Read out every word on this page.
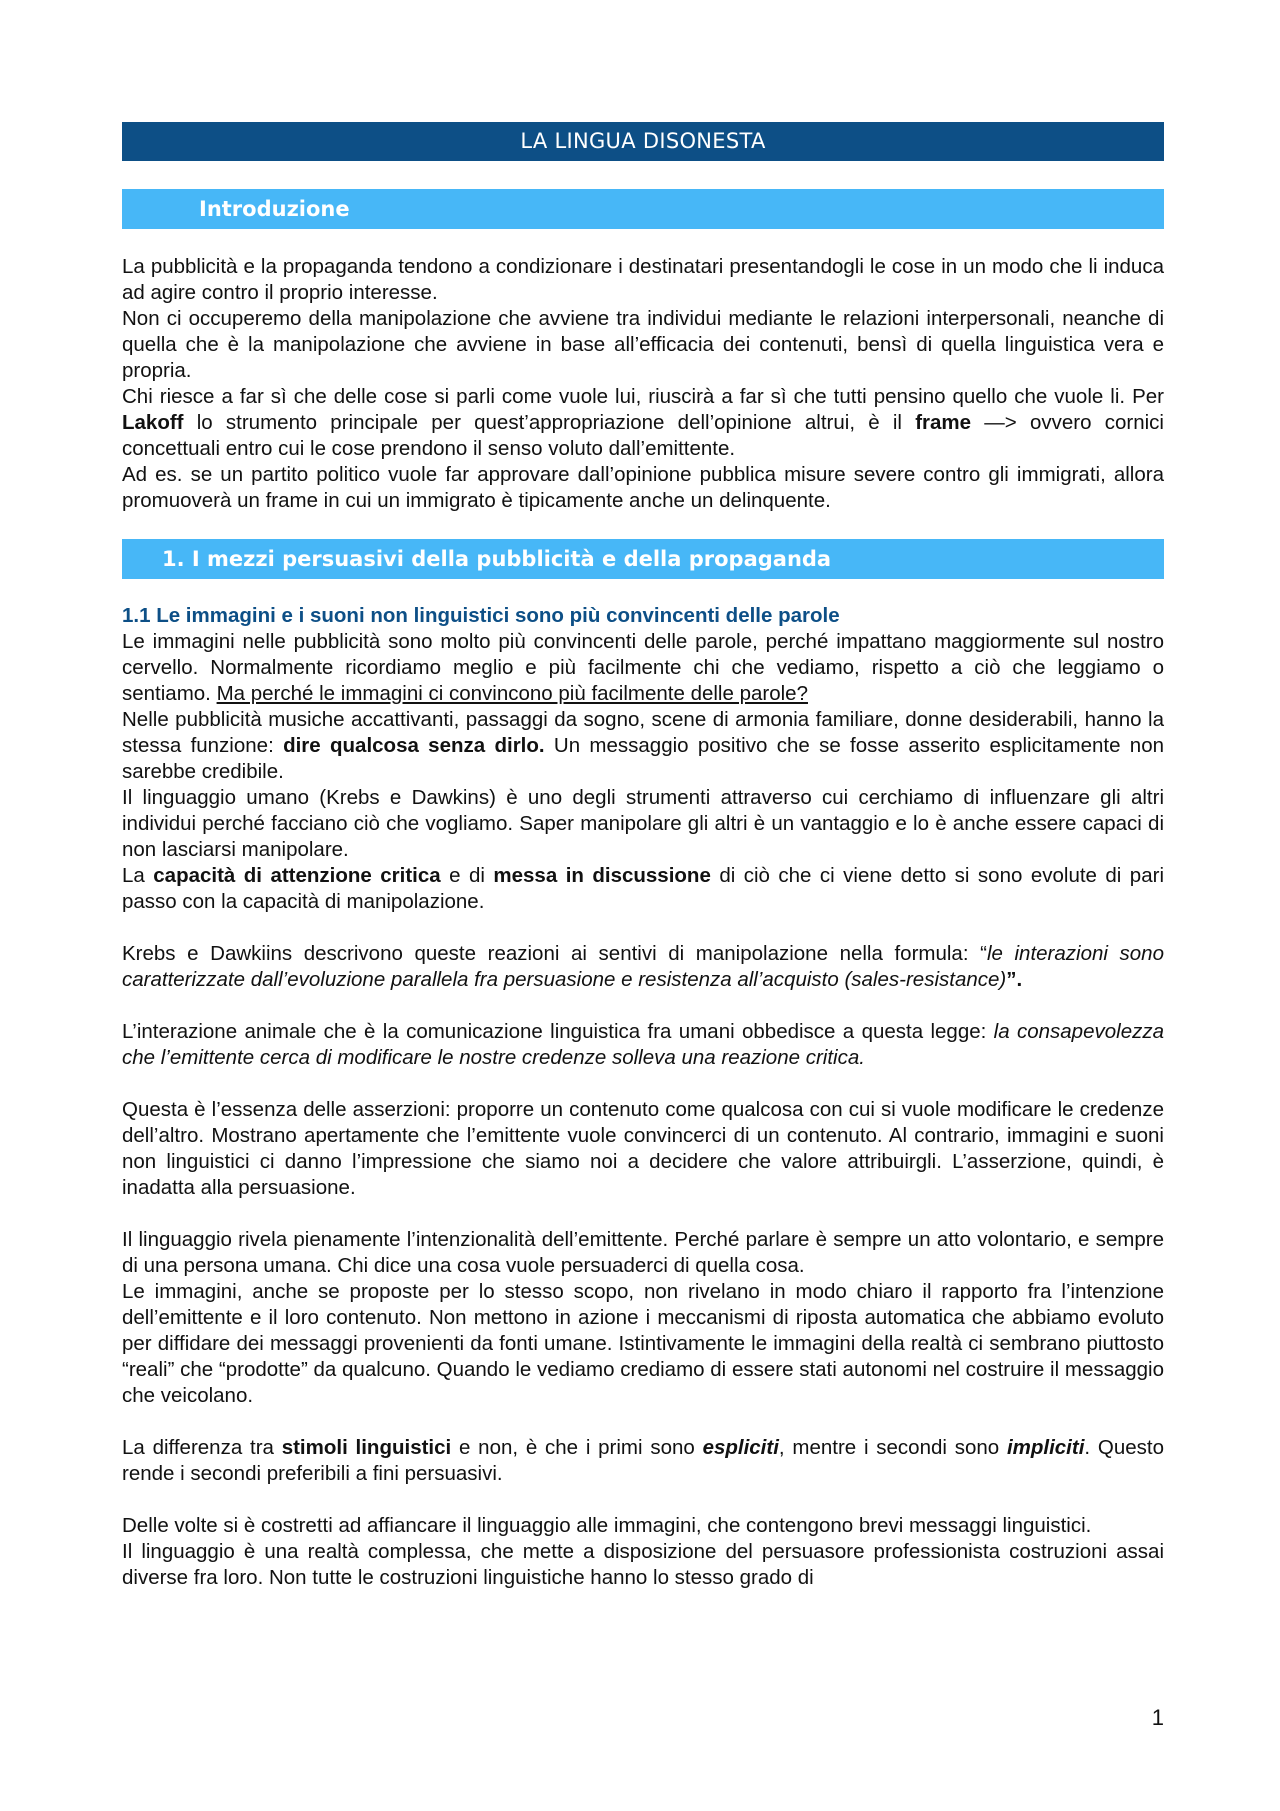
LA LINGUA DISONESTA
Introduzione

La pubblicità e la propaganda tendono a condizionare i destinatari presentandogli le cose in un modo che li induca ad agire contro il proprio interesse.

Non ci occuperemo della manipolazione che avviene tra individui mediante le relazioni interpersonali, neanche di quella che è la manipolazione che avviene in base all’efficacia dei contenuti, bensì di quella linguistica vera e propria.

Chi riesce a far sì che delle cose si parli come vuole lui, riuscirà a far sì che tutti pensino quello che vuole li. Per Lakoff lo strumento principale per quest’appropriazione dell’opinione altrui, è il frame —> ovvero cornici concettuali entro cui le cose prendono il senso voluto dall’emittente.

Ad es. se un partito politico vuole far approvare dall’opinione pubblica misure severe contro gli immigrati, allora promuoverà un frame in cui un immigrato è tipicamente anche un delinquente.

1. I mezzi persuasivi della pubblicità e della propaganda
1.1 Le immagini e i suoni non linguistici sono più convincenti delle parole

Le immagini nelle pubblicità sono molto più convincenti delle parole, perché impattano maggiormente sul nostro cervello. Normalmente ricordiamo meglio e più facilmente chi che vediamo, rispetto a ciò che leggiamo o sentiamo. Ma perché le immagini ci convincono più facilmente delle parole?

Nelle pubblicità musiche accattivanti, passaggi da sogno, scene di armonia familiare, donne desiderabili, hanno la stessa funzione: dire qualcosa senza dirlo. Un messaggio positivo che se fosse asserito esplicitamente non sarebbe credibile.

Il linguaggio umano (Krebs e Dawkins) è uno degli strumenti attraverso cui cerchiamo di influenzare gli altri individui perché facciano ciò che vogliamo. Saper manipolare gli altri è un vantaggio e lo è anche essere capaci di non lasciarsi manipolare.

La capacità di attenzione critica e di messa in discussione di ciò che ci viene detto si sono evolute di pari passo con la capacità di manipolazione.

Krebs e Dawkiins descrivono queste reazioni ai sentivi di manipolazione nella formula: “le interazioni sono caratterizzate dall’evoluzione parallela fra persuasione e resistenza all’acquisto (sales-resistance)”.

L’interazione animale che è la comunicazione linguistica fra umani obbedisce a questa legge: la consapevolezza che l’emittente cerca di modificare le nostre credenze solleva una reazione critica.

Questa è l’essenza delle asserzioni: proporre un contenuto come qualcosa con cui si vuole modificare le credenze dell’altro. Mostrano apertamente che l’emittente vuole convincerci di un contenuto. Al contrario, immagini e suoni non linguistici ci danno l’impressione che siamo noi a decidere che valore attribuirgli. L’asserzione, quindi, è inadatta alla persuasione.

Il linguaggio rivela pienamente l’intenzionalità dell’emittente. Perché parlare è sempre un atto volontario, e sempre di una persona umana. Chi dice una cosa vuole persuaderci di quella cosa.

Le immagini, anche se proposte per lo stesso scopo, non rivelano in modo chiaro il rapporto fra l’intenzione dell’emittente e il loro contenuto. Non mettono in azione i meccanismi di riposta automatica che abbiamo evoluto per diffidare dei messaggi provenienti da fonti umane. Istintivamente le immagini della realtà ci sembrano piuttosto “reali” che “prodotte” da qualcuno. Quando le vediamo crediamo di essere stati autonomi nel costruire il messaggio che veicolano.

La differenza tra stimoli linguistici e non, è che i primi sono espliciti, mentre i secondi sono impliciti. Questo rende i secondi preferibili a fini persuasivi.

Delle volte si è costretti ad affiancare il linguaggio alle immagini, che contengono brevi messaggi linguistici.

Il linguaggio è una realtà complessa, che mette a disposizione del persuasore professionista costruzioni assai diverse fra loro. Non tutte le costruzioni linguistiche hanno lo stesso grado di

1
